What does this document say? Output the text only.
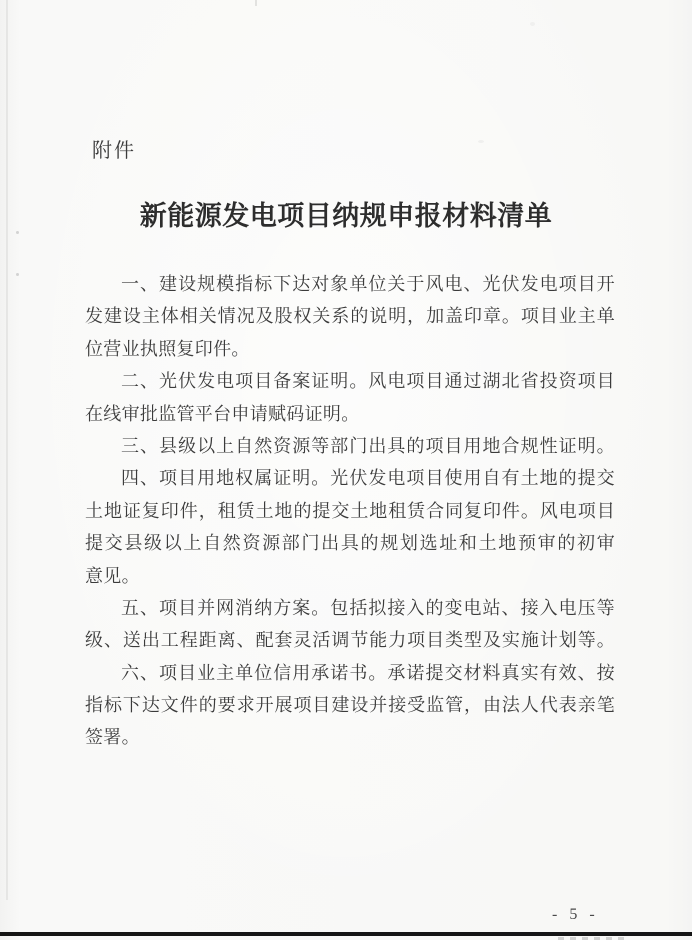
附件
新能源发电项目纳规申报材料清单
一、建设规模指标下达对象单位关于风电、光伏发电项目开
发建设主体相关情况及股权关系的说明，加盖印章。项目业主单
位营业执照复印件。
二、光伏发电项目备案证明。风电项目通过湖北省投资项目
在线审批监管平台申请赋码证明。
三、县级以上自然资源等部门出具的项目用地合规性证明。
四、项目用地权属证明。光伏发电项目使用自有土地的提交
土地证复印件，租赁土地的提交土地租赁合同复印件。风电项目
提交县级以上自然资源部门出具的规划选址和土地预审的初审
意见。
五、项目并网消纳方案。包括拟接入的变电站、接入电压等
级、送出工程距离、配套灵活调节能力项目类型及实施计划等。
六、项目业主单位信用承诺书。承诺提交材料真实有效、按
指标下达文件的要求开展项目建设并接受监管，由法人代表亲笔
签署。
- 5 -
